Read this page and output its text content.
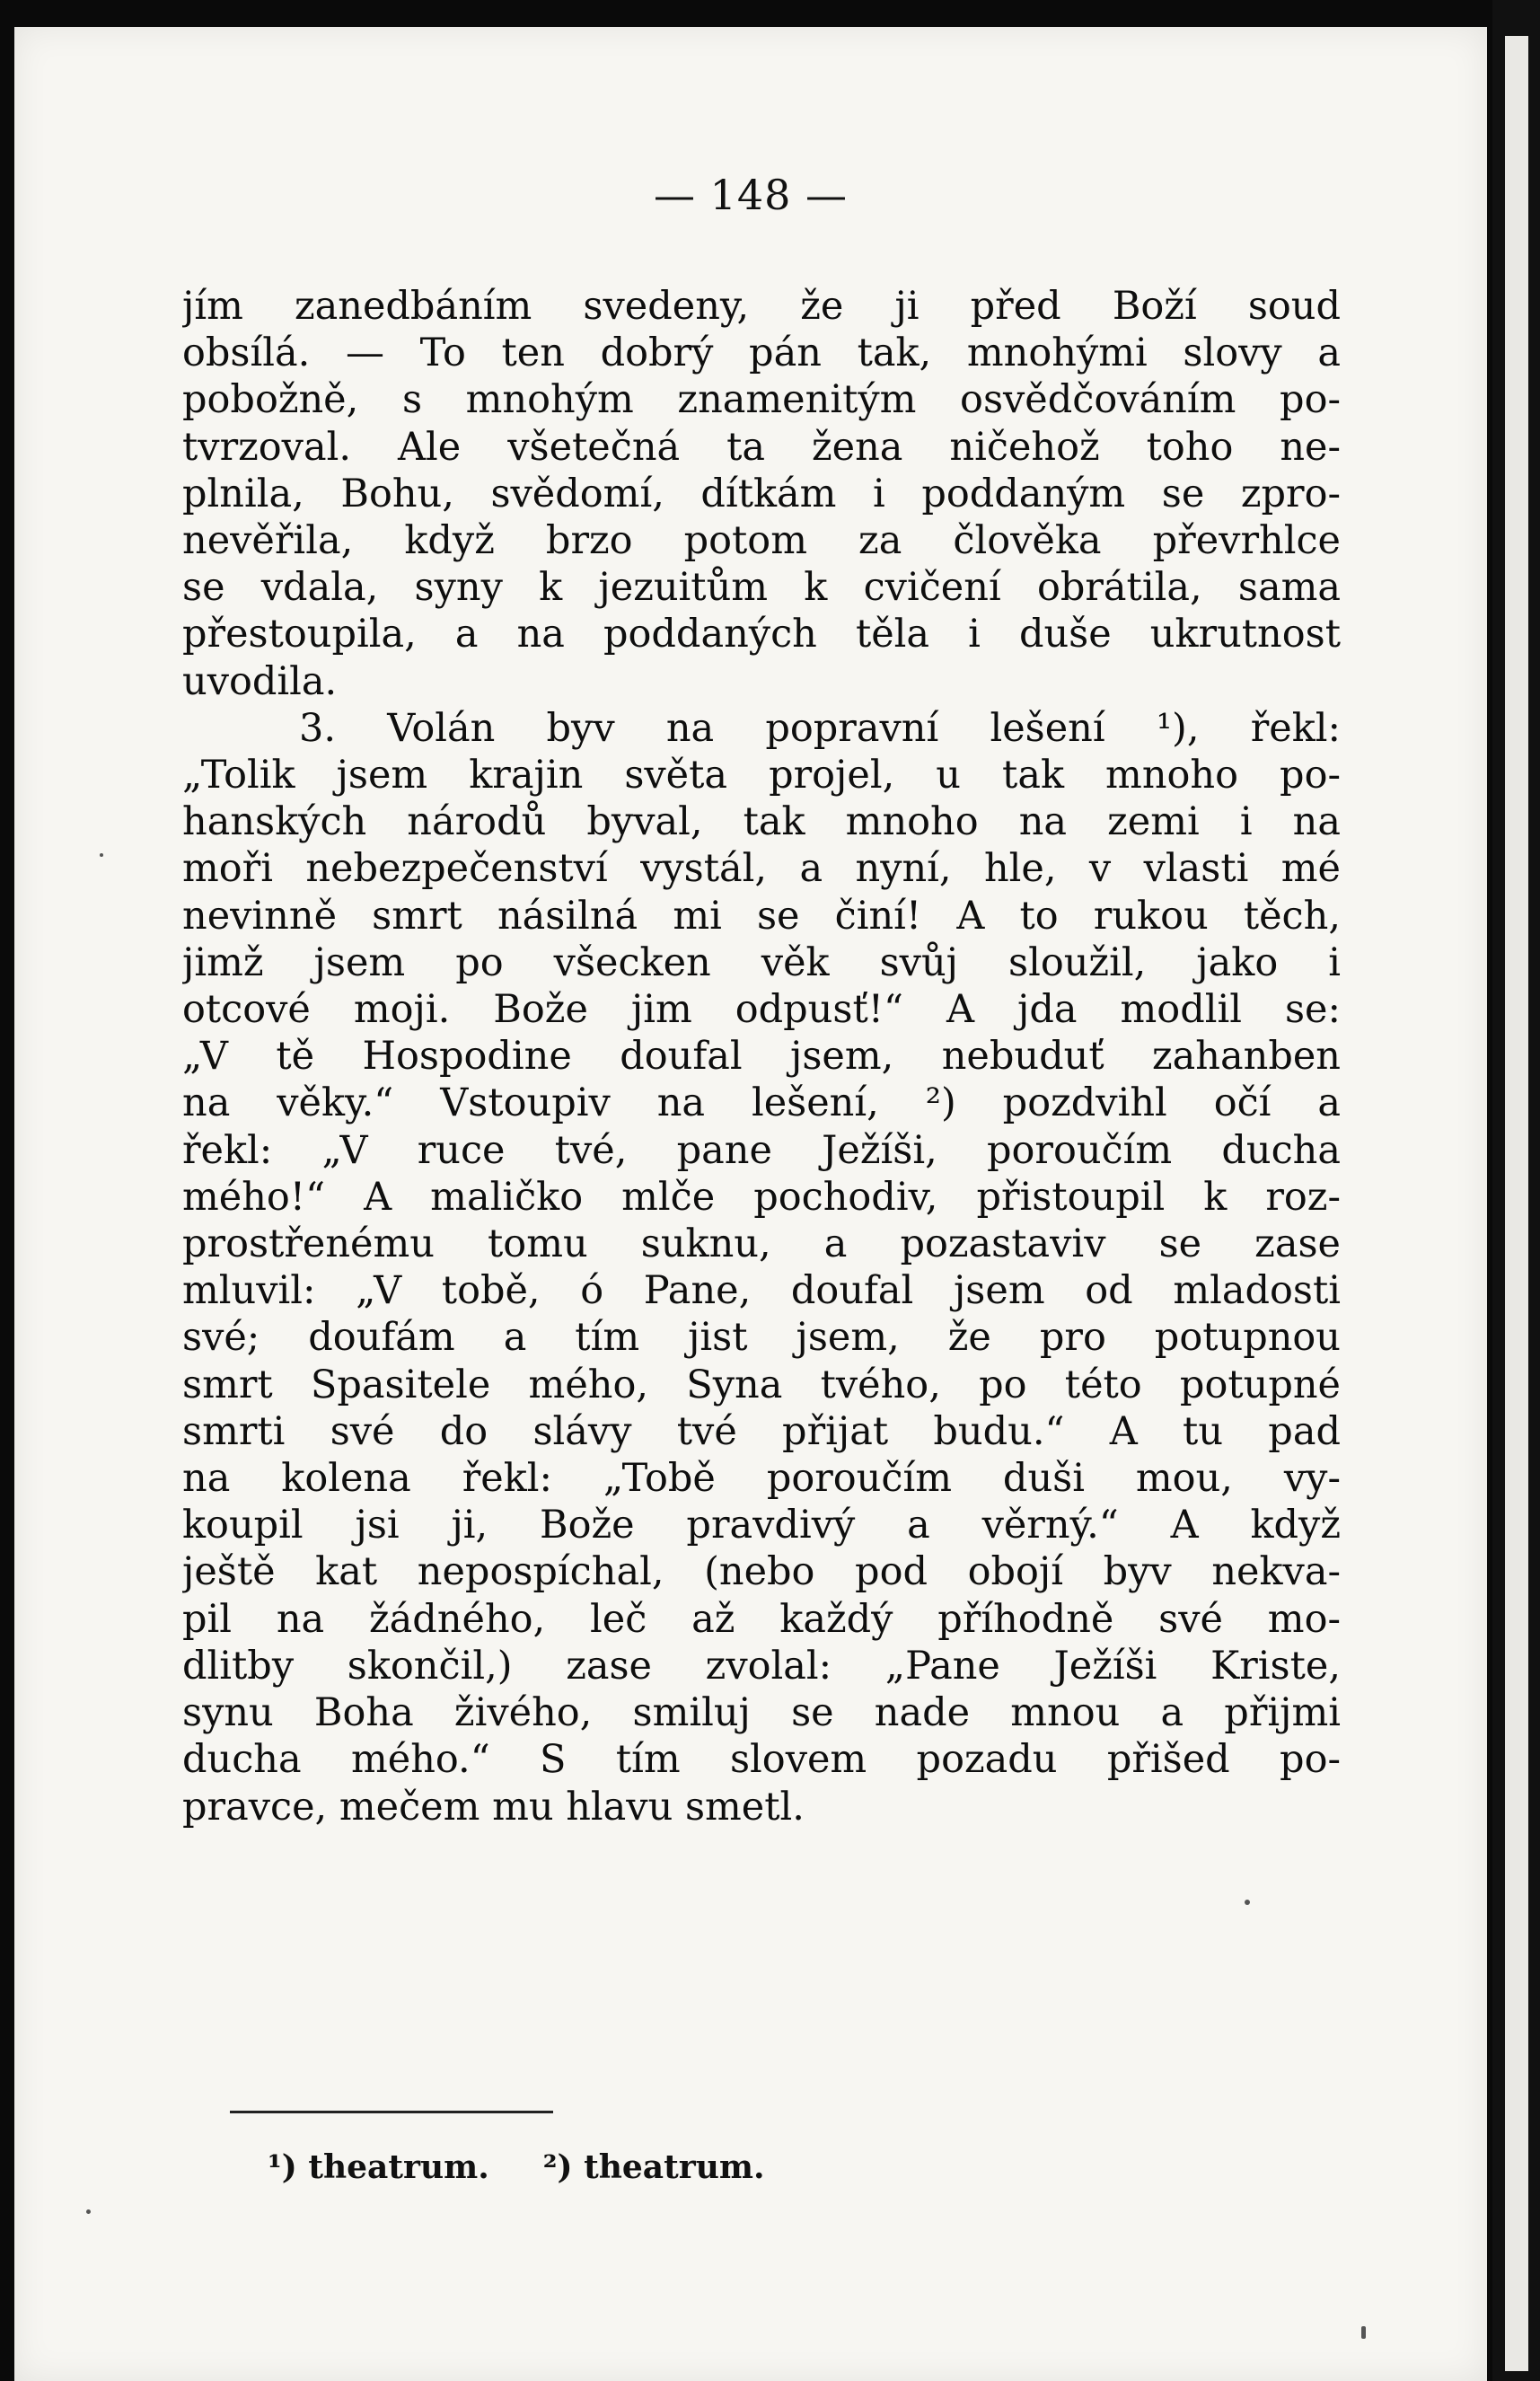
— 148 —
jím zanedbáním svedeny, že ji před Boží soud
obsílá. — To ten dobrý pán tak, mnohými slovy a
pobožně, s mnohým znamenitým osvědčováním po-
tvrzoval. Ale všetečná ta žena ničehož toho ne-
plnila, Bohu, svědomí, dítkám i poddaným se zpro-
nevěřila, když brzo potom za člověka převrhlce
se vdala, syny k jezuitům k cvičení obrátila, sama
přestoupila, a na poddaných těla i duše ukrutnost
uvodila.
3. Volán byv na popravní lešení ¹), řekl:
„Tolik jsem krajin světa projel, u tak mnoho po-
hanských národů byval, tak mnoho na zemi i na
moři nebezpečenství vystál, a nyní, hle, v vlasti mé
nevinně smrt násilná mi se činí! A to rukou těch,
jimž jsem po všecken věk svůj sloužil, jako i
otcové moji. Bože jim odpusť!“ A jda modlil se:
„V tě Hospodine doufal jsem, nebuduť zahanben
na věky.“ Vstoupiv na lešení, ²) pozdvihl očí a
řekl: „V ruce tvé, pane Ježíši, poroučím ducha
mého!“ A maličko mlče pochodiv, přistoupil k roz-
prostřenému tomu suknu, a pozastaviv se zase
mluvil: „V tobě, ó Pane, doufal jsem od mladosti
své; doufám a tím jist jsem, že pro potupnou
smrt Spasitele mého, Syna tvého, po této potupné
smrti své do slávy tvé přijat budu.“ A tu pad
na kolena řekl: „Tobě poroučím duši mou, vy-
koupil jsi ji, Bože pravdivý a věrný.“ A když
ještě kat nepospíchal, (nebo pod obojí byv nekva-
pil na žádného, leč až každý příhodně své mo-
dlitby skončil,) zase zvolal: „Pane Ježíši Kriste,
synu Boha živého, smiluj se nade mnou a přijmi
ducha mého.“ S tím slovem pozadu přišed po-
pravce, mečem mu hlavu smetl.
¹) theatrum. ²) theatrum.
